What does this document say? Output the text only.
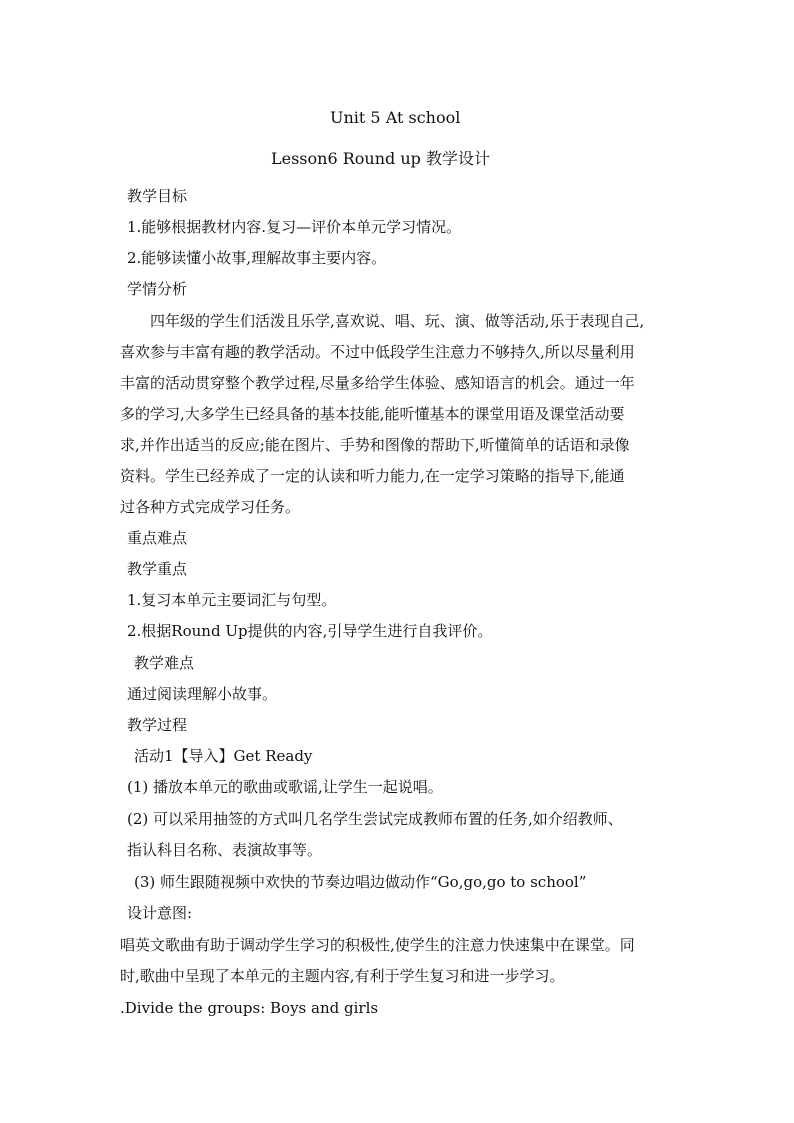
Unit 5 At school
Lesson6 Round up 教学设计
教学目标
1.能够根据教材内容.复习—评价本单元学习情况。
2.能够读懂小故事,理解故事主要内容。
学情分析
四年级的学生们活泼且乐学,喜欢说、唱、玩、演、做等活动,乐于表现自己,
喜欢参与丰富有趣的教学活动。不过中低段学生注意力不够持久,所以尽量利用
丰富的活动贯穿整个教学过程,尽量多给学生体验、感知语言的机会。通过一年
多的学习,大多学生已经具备的基本技能,能听懂基本的课堂用语及课堂活动要
求,并作出适当的反应;能在图片、手势和图像的帮助下,听懂简单的话语和录像
资料。学生已经养成了一定的认读和听力能力,在一定学习策略的指导下,能通
过各种方式完成学习任务。
重点难点
教学重点
1.复习本单元主要词汇与句型。
2.根据Round Up提供的内容,引导学生进行自我评价。
教学难点
通过阅读理解小故事。
教学过程
活动1【导入】Get Ready
(1) 播放本单元的歌曲或歌谣,让学生一起说唱。
(2) 可以采用抽签的方式叫几名学生尝试完成教师布置的任务,如介绍教师、
指认科目名称、表演故事等。
(3) 师生跟随视频中欢快的节奏边唱边做动作“Go,go,go to school”
设计意图:
唱英文歌曲有助于调动学生学习的积极性,使学生的注意力快速集中在课堂。同
时,歌曲中呈现了本单元的主题内容,有利于学生复习和进一步学习。
.Divide the groups: Boys and girls
